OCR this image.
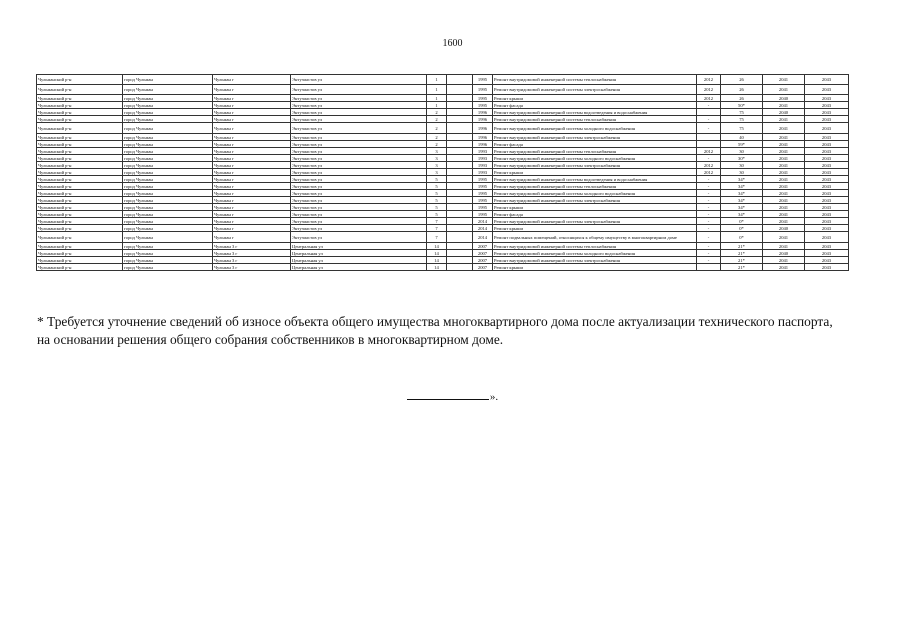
1600
Чульманский р-н	город Чульман	Чульман г	Энтузиастов ул	1		1995	Ремонт внутридомовой инженерной системы теплоснабжения	2012	26	2041	2043
Чульманский р-н	город Чульман	Чульман г	Энтузиастов ул	1		1995	Ремонт внутридомовой инженерной системы электроснабжения	2012	26	2041	2043
Чульманский р-н	город Чульман	Чульман г	Энтузиастов ул	1		1995	Ремонт крыши	2012	26	2040	2043
Чульманский р-н	город Чульман	Чульман г	Энтузиастов ул	1		1995	Ремонт фасада	-	50*	2041	2043
Чульманский р-н	город Чульман	Чульман г	Энтузиастов ул	2		1996	Ремонт внутридомовой инженерной системы водоотведения и водоснабжения		75	2040	2043
Чульманский р-н	город Чульман	Чульман г	Энтузиастов ул	2		1996	Ремонт внутридомовой инженерной системы теплоснабжения	-	75	2041	2043
Чульманский р-н	город Чульман	Чульман г	Энтузиастов ул	2		1996	Ремонт внутридомовой инженерной системы холодного водоснабжения	-	75	2041	2043
Чульманский р-н	город Чульман	Чульман г	Энтузиастов ул	2		1996	Ремонт внутридомовой инженерной системы электроснабжения		40	2041	2043
Чульманский р-н	город Чульман	Чульман г	Энтузиастов ул	2		1996	Ремонт фасада		59*	2041	2043
Чульманский р-н	город Чульман	Чульман г	Энтузиастов ул	3		1993	Ремонт внутридомовой инженерной системы теплоснабжения	2012	30	2041	2043
Чульманский р-н	город Чульман	Чульман г	Энтузиастов ул	3		1993	Ремонт внутридомовой инженерной системы холодного водоснабжения	-	30*	2041	2043
Чульманский р-н	город Чульман	Чульман г	Энтузиастов ул	3		1993	Ремонт внутридомовой инженерной системы электроснабжения	2012	30	2041	2043
Чульманский р-н	город Чульман	Чульман г	Энтузиастов ул	3		1993	Ремонт крыши	2012	30	2041	2043
Чульманский р-н	город Чульман	Чульман г	Энтузиастов ул	5		1995	Ремонт внутридомовой инженерной системы водоотведения и водоснабжения	-	34*	2041	2043
Чульманский р-н	город Чульман	Чульман г	Энтузиастов ул	5		1995	Ремонт внутридомовой инженерной системы теплоснабжения	-	34*	2041	2043
Чульманский р-н	город Чульман	Чульман г	Энтузиастов ул	5		1995	Ремонт внутридомовой инженерной системы холодного водоснабжения	-	34*	2041	2043
Чульманский р-н	город Чульман	Чульман г	Энтузиастов ул	5		1995	Ремонт внутридомовой инженерной системы электроснабжения	-	34*	2041	2043
Чульманский р-н	город Чульман	Чульман г	Энтузиастов ул	5		1995	Ремонт крыши	-	34*	2041	2043
Чульманский р-н	город Чульман	Чульман г	Энтузиастов ул	5		1995	Ремонт фасада	-	34*	2041	2043
Чульманский р-н	город Чульман	Чульман г	Энтузиастов ул	7		2014	Ремонт внутридомовой инженерной системы электроснабжения	-	0*	2041	2043
Чульманский р-н	город Чульман	Чульман г	Энтузиастов ул	7		2014	Ремонт крыши	-	0*	2040	2043
Чульманский р-н	город Чульман	Чульман г	Энтузиастов ул	7		2014	Ремонт подвальных помещений, относящихся к общему имуществу в многоквартирном доме	-	0*	2041	2043
Чульманский р-н	город Чульман	Чульман 3 г	Центральная ул	14		2007	Ремонт внутридомовой инженерной системы теплоснабжения	-	21*	2041	2043
Чульманский р-н	город Чульман	Чульман 3 г	Центральная ул	14		2007	Ремонт внутридомовой инженерной системы холодного водоснабжения	-	21*	2040	2043
Чульманский р-н	город Чульман	Чульман 3 г	Центральная ул	14		2007	Ремонт внутридомовой инженерной системы электроснабжения	-	21*	2041	2043
Чульманский р-н	город Чульман	Чульман 3 г	Центральная ул	14		2007	Ремонт крыши		21*	2041	2043
* Требуется уточнение сведений об износе объекта общего имущества многоквартирного дома после актуализации технического паспорта, на основании решения общего собрания собственников в многоквартирном доме.
».
